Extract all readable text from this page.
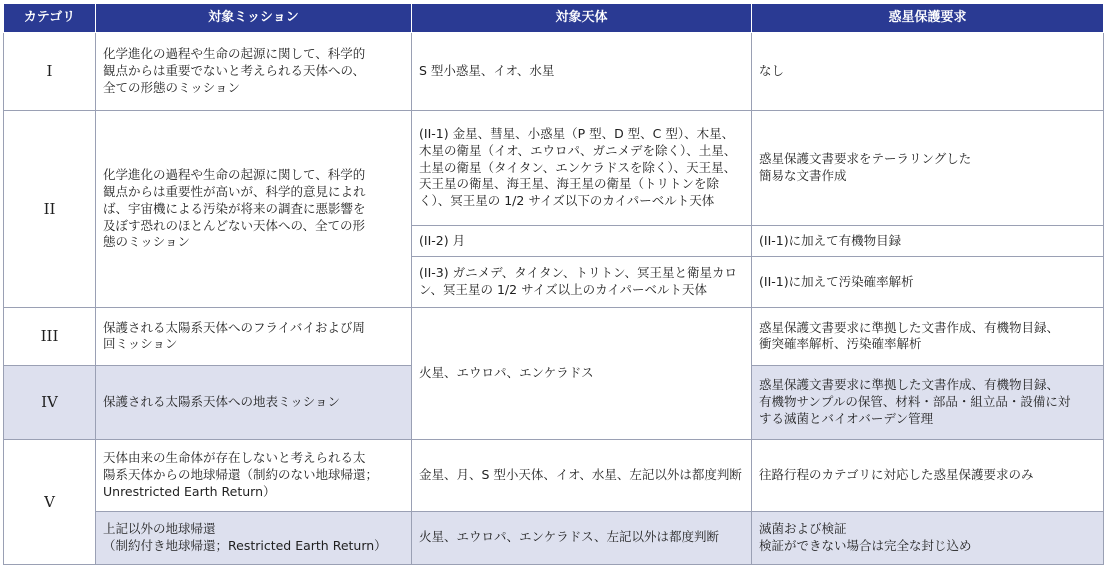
カテゴリ	対象ミッション	対象天体	惑星保護要求
I	化学進化の過程や生命の起源に関して、科学的
観点からは重要でないと考えられる天体への、
全ての形態のミッション	S 型小惑星、イオ、水星	なし
II	化学進化の過程や生命の起源に関して、科学的
観点からは重要性が高いが、科学的意見によれ
ば、宇宙機による汚染が将来の調査に悪影響を
及ぼす恐れのほとんどない天体への、全ての形
態のミッション	(II-1) 金星、彗星、小惑星（P 型、D 型、C 型）、木星、
木星の衛星（イオ、エウロパ、ガニメデを除く）、土星、
土星の衛星（タイタン、エンケラドスを除く）、天王星、
天王星の衛星、海王星、海王星の衛星（トリトンを除
く）、冥王星の 1/2 サイズ以下のカイパーベルト天体	惑星保護文書要求をテーラリングした
簡易な文書作成
		(II-2) 月	(II-1)に加えて有機物目録
		(II-3) ガニメデ、タイタン、トリトン、冥王星と衛星カロ
ン、冥王星の 1/2 サイズ以上のカイパーベルト天体	(II-1)に加えて汚染確率解析
III	保護される太陽系天体へのフライバイおよび周
回ミッション	火星、エウロパ、エンケラドス	惑星保護文書要求に準拠した文書作成、有機物目録、
衝突確率解析、汚染確率解析
IV	保護される太陽系天体への地表ミッション		惑星保護文書要求に準拠した文書作成、有機物目録、
有機物サンプルの保管、材料・部品・組立品・設備に対
する滅菌とバイオバーデン管理
V	天体由来の生命体が存在しないと考えられる太
陽系天体からの地球帰還（制約のない地球帰還；
Unrestricted Earth Return）	金星、月、S 型小天体、イオ、水星、左記以外は都度判断	往路行程のカテゴリに対応した惑星保護要求のみ
	上記以外の地球帰還
（制約付き地球帰還；Restricted Earth Return）	火星、エウロパ、エンケラドス、左記以外は都度判断	滅菌および検証
検証ができない場合は完全な封じ込め
